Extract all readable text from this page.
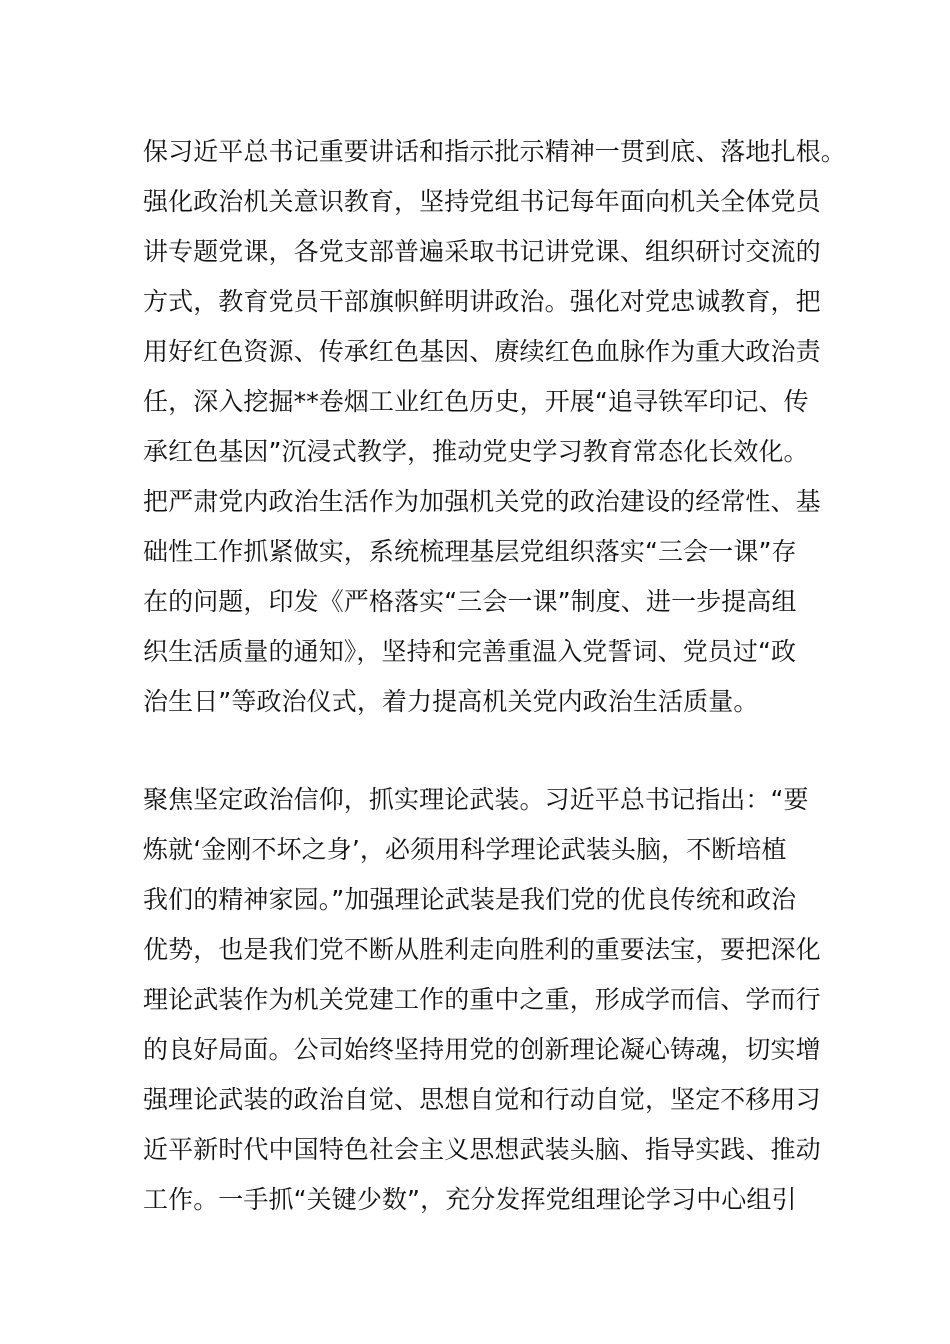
保习近平总书记重要讲话和指示批示精神一贯到底、落地扎根。
强化政治机关意识教育，坚持党组书记每年面向机关全体党员
讲专题党课，各党支部普遍采取书记讲党课、组织研讨交流的
方式，教育党员干部旗帜鲜明讲政治。强化对党忠诚教育，把
用好红色资源、传承红色基因、赓续红色血脉作为重大政治责
任，深入挖掘**卷烟工业红色历史，开展“追寻铁军印记、传
承红色基因”沉浸式教学，推动党史学习教育常态化长效化。
把严肃党内政治生活作为加强机关党的政治建设的经常性、基
础性工作抓紧做实，系统梳理基层党组织落实“三会一课”存
在的问题，印发《严格落实“三会一课”制度、进一步提高组
织生活质量的通知》，坚持和完善重温入党誓词、党员过“政
治生日”等政治仪式，着力提高机关党内政治生活质量。
聚焦坚定政治信仰，抓实理论武装。习近平总书记指出：“要
炼就‘金刚不坏之身’，必须用科学理论武装头脑，不断培植
我们的精神家园。”加强理论武装是我们党的优良传统和政治
优势，也是我们党不断从胜利走向胜利的重要法宝，要把深化
理论武装作为机关党建工作的重中之重，形成学而信、学而行
的良好局面。公司始终坚持用党的创新理论凝心铸魂，切实增
强理论武装的政治自觉、思想自觉和行动自觉，坚定不移用习
近平新时代中国特色社会主义思想武装头脑、指导实践、推动
工作。一手抓“关键少数”，充分发挥党组理论学习中心组引
